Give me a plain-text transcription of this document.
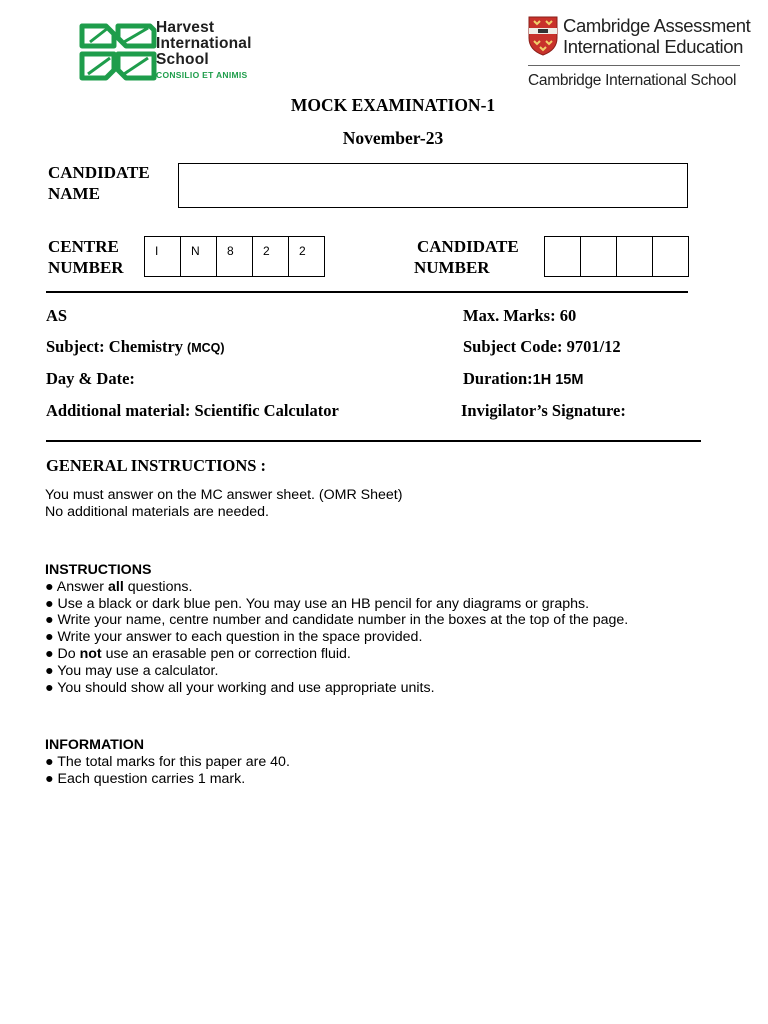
Harvest
International
School
CONSILIO ET ANIMIS
Cambridge Assessment
International Education
Cambridge International School
MOCK EXAMINATION-1
November-23
CANDIDATE
NAME
CENTRE
NUMBER
I	N	8	2	2	CANDIDATE
NUMBER
AS	Max. Marks: 60
Subject: Chemistry (MCQ)	Subject Code: 9701/12
Day & Date:	Duration:1H 15M
Additional material: Scientific Calculator	Invigilator’s Signature:
GENERAL INSTRUCTIONS :
You must answer on the MC answer sheet. (OMR Sheet)
No additional materials are needed.
INSTRUCTIONS
● Answer all questions.
● Use a black or dark blue pen. You may use an HB pencil for any diagrams or graphs.
● Write your name, centre number and candidate number in the boxes at the top of the page.
● Write your answer to each question in the space provided.
● Do not use an erasable pen or correction fluid.
● You may use a calculator.
● You should show all your working and use appropriate units.
INFORMATION
● The total marks for this paper are 40.
● Each question carries 1 mark.
